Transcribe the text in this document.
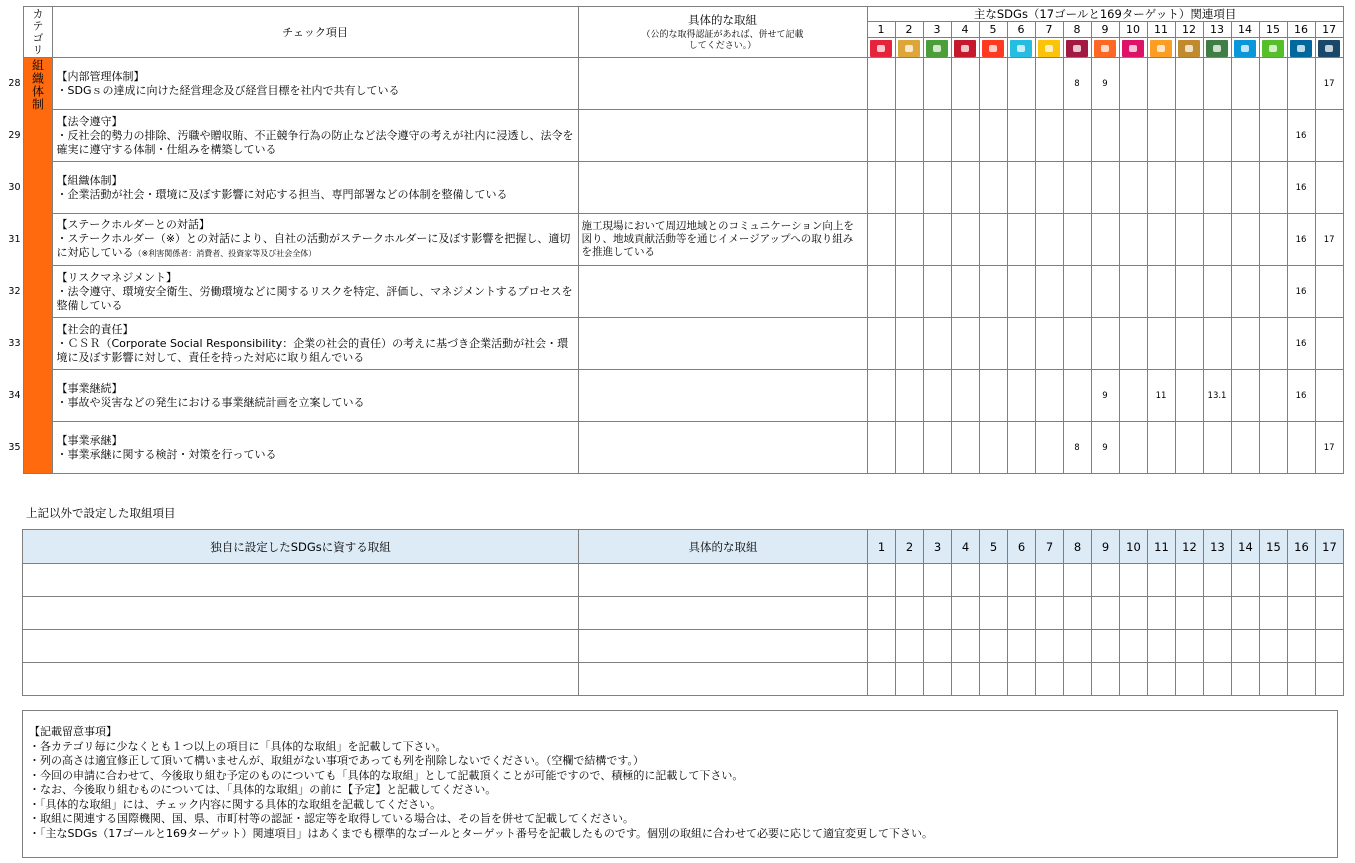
	カテゴリ	チェック項目	具体的な取組
（公的な取得認証があれば、併せて記載してください。）	主なSDGs（17ゴールと169ターゲット）関連項目																
				1	2	3	4	5	6	7	8	9	10	11	12	13	14	15	16	17

28	組織体制	【内部管理体制】
・SDGｓの達成に向けた経営理念及び経営目標を社内で共有している									8	9								17
29		【法令遵守】
・反社会的勢力の排除、汚職や贈収賄、不正競争行為の防止など法令遵守の考えが社内に浸透し、法令を確実に遵守する体制・仕組みを構築している																	16	
30		【組織体制】
・企業活動が社会・環境に及ぼす影響に対応する担当、専門部署などの体制を整備している																	16	
31		【ステークホルダーとの対話】
・ステークホルダー（※）との対話により、自社の活動がステークホルダーに及ぼす影響を把握し、適切に対応している（※利害関係者：消費者、投資家等及び社会全体）	施工現場において周辺地域とのコミュニケーション向上を図り、地域貢献活動等を通じイメージアップへの取り組みを推進している																16	17
32		【リスクマネジメント】
・法令遵守、環境安全衛生、労働環境などに関するリスクを特定、評価し、マネジメントするプロセスを整備している																	16	
33		【社会的責任】
・ＣＳＲ（Corporate Social Responsibility：企業の社会的責任）の考えに基づき企業活動が社会・環境に及ぼす影響に対して、責任を持った対応に取り組んでいる																	16	
34		【事業継続】
・事故や災害などの発生における事業継続計画を立案している										9		11		13.1			16	
35		【事業承継】
・事業承継に関する検討・対策を行っている									8	9								17
上記以外で設定した取組項目
独自に設定したSDGsに資する取組	具体的な取組	1	2	3	4	5	6	7	8	9	10	11	12	13	14	15	16	17

【記載留意事項】
・各カテゴリ毎に少なくとも１つ以上の項目に「具体的な取組」を記載して下さい。
・列の高さは適宜修正して頂いて構いませんが、取組がない事項であっても列を削除しないでください。（空欄で結構です。）
・今回の申請に合わせて、今後取り組む予定のものについても「具体的な取組」として記載頂くことが可能ですので、積極的に記載して下さい。
・なお、今後取り組むものについては、「具体的な取組」の前に【予定】と記載してください。
・「具体的な取組」には、チェック内容に関する具体的な取組を記載してください。
・取組に関連する国際機関、国、県、市町村等の認証・認定等を取得している場合は、その旨を併せて記載してください。
・「主なSDGs（17ゴールと169ターゲット）関連項目」はあくまでも標準的なゴールとターゲット番号を記載したものです。個別の取組に合わせて必要に応じて適宜変更して下さい。
